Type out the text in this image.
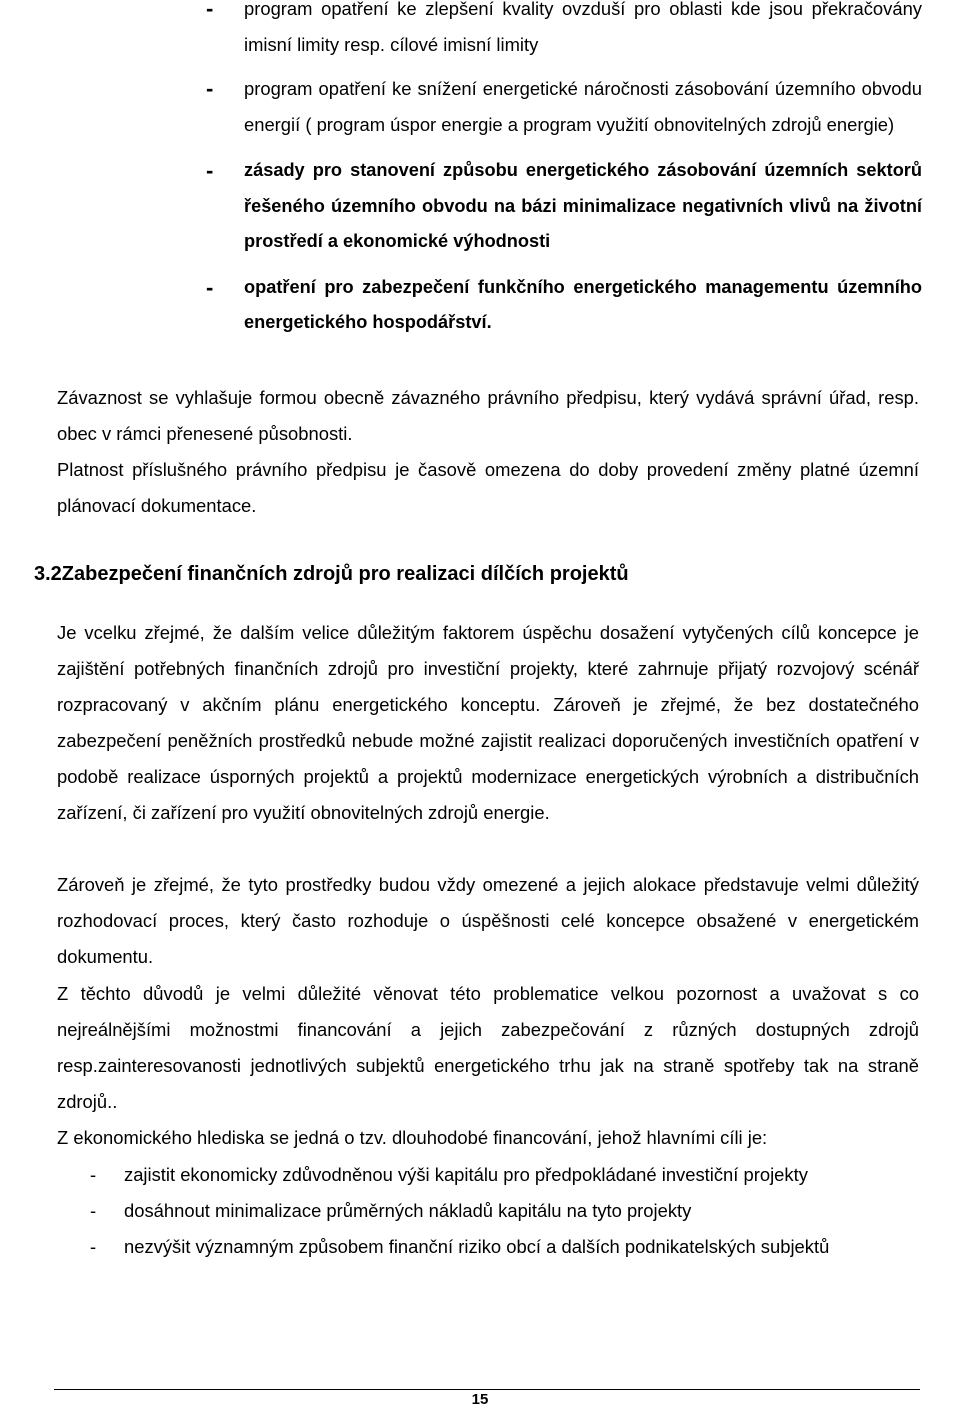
- program opatření ke zlepšení kvality ovzduší pro oblasti kde jsou překračovány imisní limity resp. cílové imisní limity
- program opatření ke snížení energetické náročnosti zásobování územního obvodu energií ( program úspor energie a program využití obnovitelných zdrojů energie)
- zásady pro stanovení způsobu energetického zásobování územních sektorů řešeného územního obvodu na bázi minimalizace negativních vlivů na životní prostředí a ekonomické výhodnosti
- opatření pro zabezpečení funkčního energetického managementu územního energetického hospodářství.

Závaznost se vyhlašuje formou obecně závazného právního předpisu, který vydává správní úřad, resp. obec v rámci přenesené působnosti.

Platnost příslušného právního předpisu je časově omezena do doby provedení změny platné územní plánovací dokumentace.

3.2Zabezpečení finančních zdrojů pro realizaci dílčích projektů

Je vcelku zřejmé, že dalším velice důležitým faktorem úspěchu dosažení vytyčených cílů koncepce je zajištění potřebných finančních zdrojů pro investiční projekty, které zahrnuje přijatý rozvojový scénář rozpracovaný v akčním plánu energetického konceptu. Zároveň je zřejmé, že bez dostatečného zabezpečení peněžních prostředků nebude možné zajistit realizaci doporučených investičních opatření v podobě realizace úsporných projektů a projektů modernizace energetických výrobních a distribučních zařízení, či zařízení pro využití obnovitelných zdrojů energie.

Zároveň je zřejmé, že tyto prostředky budou vždy omezené a jejich alokace představuje velmi důležitý rozhodovací proces, který často rozhoduje o úspěšnosti celé koncepce obsažené v energetickém dokumentu.

Z těchto důvodů je velmi důležité věnovat této problematice velkou pozornost a uvažovat s co nejreálnějšími možnostmi financování a jejich zabezpečování z různých dostupných zdrojů resp.zainteresovanosti jednotlivých subjektů energetického trhu jak na straně spotřeby tak na straně zdrojů..

Z ekonomického hlediska se jedná o tzv. dlouhodobé financování, jehož hlavními cíli je:

- zajistit ekonomicky zdůvodněnou výši kapitálu pro předpokládané investiční projekty
- dosáhnout minimalizace průměrných nákladů kapitálu na tyto projekty
- nezvýšit významným způsobem finanční riziko obcí a dalších podnikatelských subjektů
15
